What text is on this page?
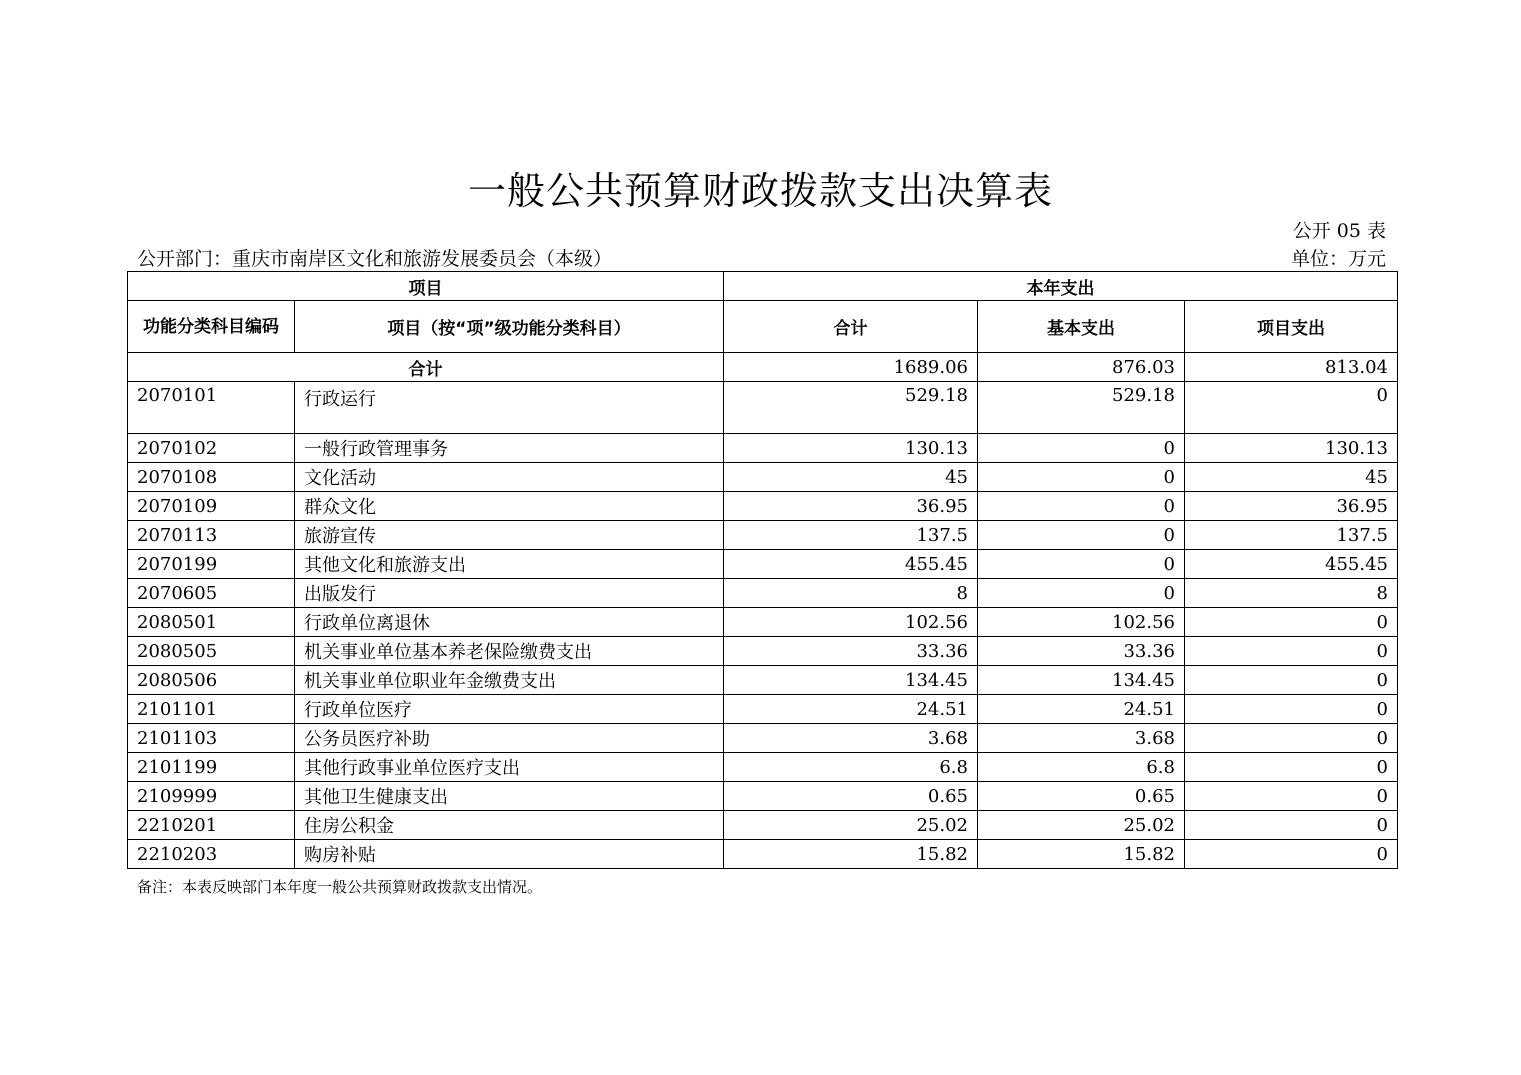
一般公共预算财政拨款支出决算表
公开 05 表
公开部门：重庆市南岸区文化和旅游发展委员会（本级）	单位：万元
项目		本年支出		
功能分类科目编码	项目（按“项”级功能分类科目）	合计	基本支出	项目支出
合计		1689.06	876.03	813.04
2070101	行政运行	529.18	529.18	0
2070102	一般行政管理事务	130.13	0	130.13
2070108	文化活动	45	0	45
2070109	群众文化	36.95	0	36.95
2070113	旅游宣传	137.5	0	137.5
2070199	其他文化和旅游支出	455.45	0	455.45
2070605	出版发行	8	0	8
2080501	行政单位离退休	102.56	102.56	0
2080505	机关事业单位基本养老保险缴费支出	33.36	33.36	0
2080506	机关事业单位职业年金缴费支出	134.45	134.45	0
2101101	行政单位医疗	24.51	24.51	0
2101103	公务员医疗补助	3.68	3.68	0
2101199	其他行政事业单位医疗支出	6.8	6.8	0
2109999	其他卫生健康支出	0.65	0.65	0
2210201	住房公积金	25.02	25.02	0
2210203	购房补贴	15.82	15.82	0
备注：本表反映部门本年度一般公共预算财政拨款支出情况。
